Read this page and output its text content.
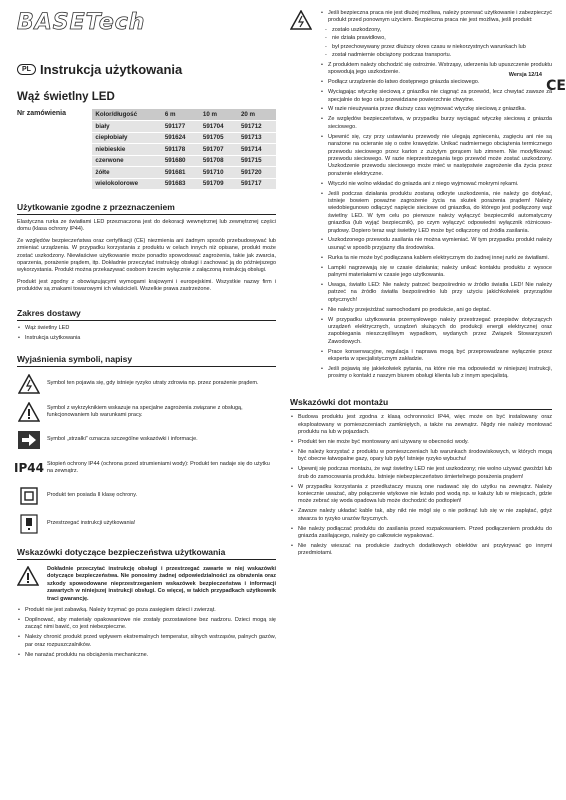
BASETech
PL Instrukcja użytkowania
Wąż świetlny LED
Nr zamówienia	Kolor/długość	6 m	10 m	20 m
biały	591177	591704	591712
ciepłobiały	591624	591705	591713
niebieskie	591178	591707	591714
czerwone	591680	591708	591715
żółte	591681	591710	591720
wielokolorowe	591683	591709	591717
Użytkowanie zgodne z przeznaczeniem

Elastyczna rurka ze światłami LED przeznaczona jest do dekoracji wewnętrznej lub zewnętrznej części domu (klasa ochrony IP44).

Ze względów bezpieczeństwa oraz certyfikacji (CE) niezmienia ani żadnym sposób przebudowywać lub zmieniać urządzenia. W przypadku korzystania z produktu w celach innych niż opisane, produkt może zostać uszkodzony. Niewłaściwe użytkowanie może ponadto spowodować zagrożenia, takie jak zwarcia, oparzenia, porażenie prądem, itp. Dokładnie przeczytać instrukcję obsługi i zachować ją do późniejszego wykorzystania. Produkt można przekazywać osobom trzecim wyłącznie z załączoną instrukcją obsługi.

Produkt jest zgodny z obowiązującymi wymogami krajowymi i europejskimi. Wszystkie nazwy firm i produktów są znakami towarowymi ich właścicieli. Wszelkie prawa zastrzeżone.

Zakres dostawy
• Wąż świetlny LED
• Instrukcja użytkowania
Wyjaśnienia symboli, napisy
Symbol ten pojawia się, gdy istnieje ryzyko utraty zdrowia np. przez porażenie prądem.
Symbol z wykrzyknikiem wskazuje na specjalne zagrożenia związane z obsługą, funkcjonowaniem lub warunkami pracy.
Symbol „strzałki” oznacza szczególne wskazówki i informacje.
IP44 Stopień ochrony IP44 (ochrona przed strumieniami wody): Produkt ten nadaje się do użytku na zewnątrz.
Produkt ten posiada II klasę ochrony.
Przestrzegać instrukcji użytkowania!
Wskazówki dotyczące bezpieczeństwa użytkowania
Dokładnie przeczytać instrukcję obsługi i przestrzegać zawarte w niej wskazówki dotyczące bezpieczeństwa. Nie ponosimy żadnej odpowiedzialności za obrażenia oraz szkody spowodowane nieprzestrzeganiem wskazówek bezpieczeństwa i informacji zawartych w niniejszej instrukcji obsługi. Co więcej, w takich przypadkach użytkownik traci gwarancję.
• Produkt nie jest zabawką. Należy trzymać go poza zasięgiem dzieci i zwierząt.
• Dopilnować, aby materiały opakowaniowe nie zostały pozostawione bez nadzoru. Dzieci mogą się zacząć nimi bawić, co jest niebezpieczne.
• Należy chronić produkt przed wpływem ekstremalnych temperatur, silnych wstrząsów, palnych gazów, par oraz rozpuszczalników.
• Nie narażać produktu na obciążenia mechaniczne.
Wersja 12/14
CE
• Jeśli bezpieczna praca nie jest dłużej możliwa, należy przerwać użytkowanie i zabezpieczyć produkt przed ponownym użyciem. Bezpieczna praca nie jest możliwa, jeśli produkt:
- zostało uszkodzony,
- nie działa prawidłowo,
- był przechowywany przez dłuższy okres czasu w niekorzystnych warunkach lub
- został nadmiernie obciążony podczas transportu.
• Z produktem należy obchodzić się ostrożnie. Wstrząsy, uderzenia lub upuszczenie produktu spowodują jego uszkodzenie.
• Podłącz urządzenie do łatwo dostępnego gniazda sieciowego.
• Wyciągając wtyczkę sieciową z gniazdka nie ciągnąć za przewód, lecz chwytać zawsze za specjalnie do tego celu przewidziane powierzchnie chwytne.
• W razie nieużywania przez dłuższy czas wyjmować wtyczkę sieciową z gniazdka.
• Ze względów bezpieczeństwa, w przypadku burzy wyciągać wtyczkę sieciową z gniazda sieciowego.
• Upewnić się, czy przy ustawianiu przewody nie ulegają zgnieceniu, zagięciu ani nie są narażone na ocieranie się o ostre krawędzie. Unikać nadmiernego obciążenia termicznego przewodu sieciowego przez karton z zużytym gorącem lub zimnem. Nie modyfikować przewodu sieciowego. W razie nieprzestrzegania tego przewód może zostać uszkodzony. Uszkodzenie przewodu sieciowego może mieć w następstwie zagrożenie dla życia przez porażenie elektryczne.
• Wtyczki nie wolno wkładać do gniazda ani z niego wyjmować mokrymi rękami.
• Jeśli podczas działania produktu zostaną odkryte uszkodzenia, nie należy go dotykać, istnieje bowiem poważne zagrożenie życia na skutek porażenia prądem! Należy wiedobiegunowo odłączyć napięcie sieciowe od gniazdka, do którego jest podłączony wąż świetlny LED. W tym celu po pierwsze należy wyłączyć bezpieczniki automatyczny gniazdka (lub wyjąć bezpiecznik), po czym wyłączyć odpowiedni wyłącznik różnicowo-prądowy. Dopiero teraz wąż świetlny LED może być odłączony od źródła zasilania.
• Uszkodzonego przewodu zasilania nie można wymieniać. W tym przypadku produkt należy usunąć w sposób przyjazny dla środowiska.
• Rurka ta nie może być podłączana kablem elektrycznym do żadnej innej rurki ze światłami.
• Lampki nagrzewają się w czasie działania; należy unikać kontaktu produktu z wysoce palnymi materiałami w czasie jego użytkowania.
• Uwaga, światło LED: Nie należy patrzeć bezpośrednio w źródło światła LED! Nie należy patrzeć na źródło światła bezpośrednio lub przy użyciu jakichkolwiek przyrządów optycznych!
• Nie należy przejeżdżać samochodami po produkcie, ani go deptać.
• W przypadku użytkowania przemysłowego należy przestrzegać przepisów dotyczących urządzeń elektrycznych, urządzeń służących do produkcji energii elektrycznej oraz zapobiegania nieszczęśliwym wypadkom, wydanych przez Związek Stowarzyszeń Zawodowych.
• Prace konserwacyjne, regulacja i naprawa mogą być przeprowadzane wyłącznie przez eksperta w specjalistycznym zakładzie.
• Jeśli pojawią się jakiekolwiek pytania, na które nie ma odpowiedzi w niniejszej instrukcji, prosimy o kontakt z naszym biurem obsługi klienta lub z innym specjalistą.
Wskazówki dot montażu
• Budowa produktu jest zgodna z klasą ochronności IP44, więc może on być instalowany oraz eksploatowany w pomieszczeniach zamkniętych, a także na zewnątrz. Nigdy nie należy montować produktu na lub w pojazdach.
• Produkt ten nie może być montowany ani używany w obecności wody.
• Nie należy korzystać z produktu w pomieszczeniach lub warunkach środowiskowych, w których mogą być obecne łatwopalne gazy, opary lub pyły! Istnieje ryzyko wybuchu!
• Upewnij się podczas montażu, że wąż świetlny LED nie jest uszkodzony; nie wolno używać gwoździ lub śrub do zamocowania produktu. Istnieje niebezpieczeństwo śmiertelnego porażenia prądem!
• W przypadku korzystania z przedłużaczy muszą one nadawać się do użytku na zewnątrz. Należy koniecznie uważać, aby połączenie wtykowe nie leżało pod wodą np. w kałuży lub w miejscach, gdzie może zebrać się woda opadowa lub może dochodzić do podtopień!
• Zawsze należy układać kable tak, aby nikt nie mógł się o nie potknąć lub się w nie zaplątać, gdyż stwarza to ryzyko urazów fizycznych.
• Nie należy podłączać produktu do zasilania przed rozpakowaniem. Przed podłączeniem produktu do gniazda zasilającego, należy go całkowicie wypakować.
• Nie należy wieszać na produkcie żadnych dodatkowych obiektów ani przykrywać go innymi przedmiotami.
